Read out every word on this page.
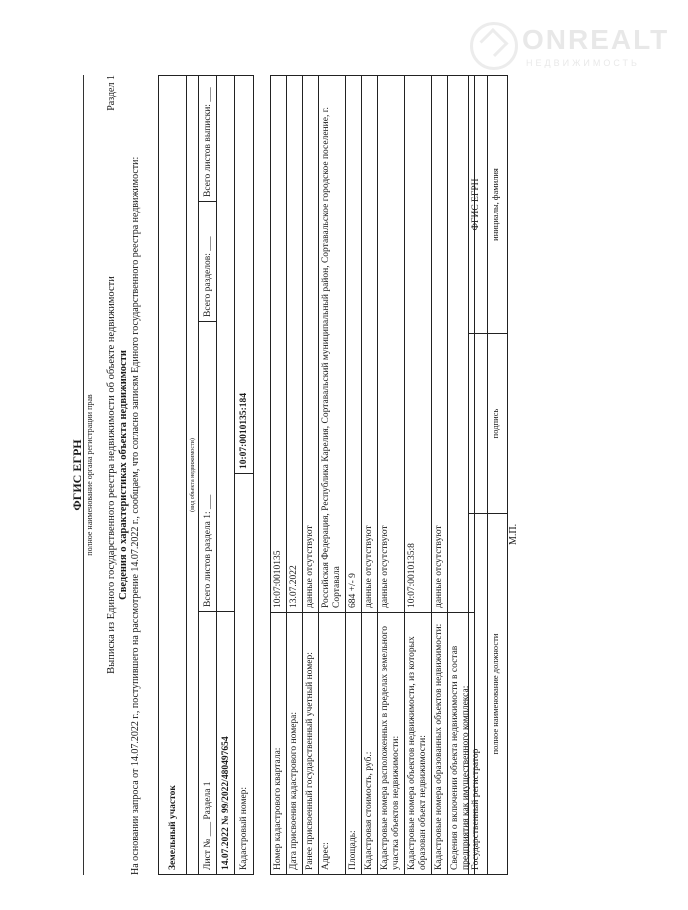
ONREALT
НЕДВИЖИМОСТЬ
ФГИС ЕГРН полное наименование органа регистрации прав
Раздел 1
Выписка из Единого государственного реестра недвижимости об объекте недвижимости Сведения о характеристиках объекта недвижимости На основании запроса от 14.07.2022 г., поступившего на рассмотрение 14.07.2022 г., сообщаем, что согласно записям Единого государственного реестра недвижимости:	Земельный участок
(вид объекта недвижимости)
Лист № ___ Раздела 1
Всего листов раздела 1: ___
Всего разделов: ___
Всего листов выписки: ___
14.07.2022 № 99/2022/480497654 Кадастровый номер:
10:07:0010135:184
Номер кадастрового квартала:
10:07:0010135
Дата присвоения кадастрового номера:
13.07.2022
Ранее присвоенный государственный учетный номер:
данные отсутствуют
Адрес:
Российская Федерация, Республика Карелия, Сортавальский муниципальный район, Сортавальское городское поселение, г. Сортавала
Площадь:
684 +/- 9
Кадастровая стоимость, руб.:
данные отсутствуют
Кадастровые номера расположенных в пределах земельного участка объектов недвижимости:
данные отсутствуют
Кадастровые номера объектов недвижимости, из которых образован объект недвижимости:
10:07:0010135:8
Кадастровые номера образованных объектов недвижимости:
данные отсутствуют
Сведения о включении объекта недвижимости в состав предприятия как имущественного комплекса: Государственный регистратор
ФГИС ЕГРН
полное наименование должности
подпись
инициалы, фамилия
М.П.
